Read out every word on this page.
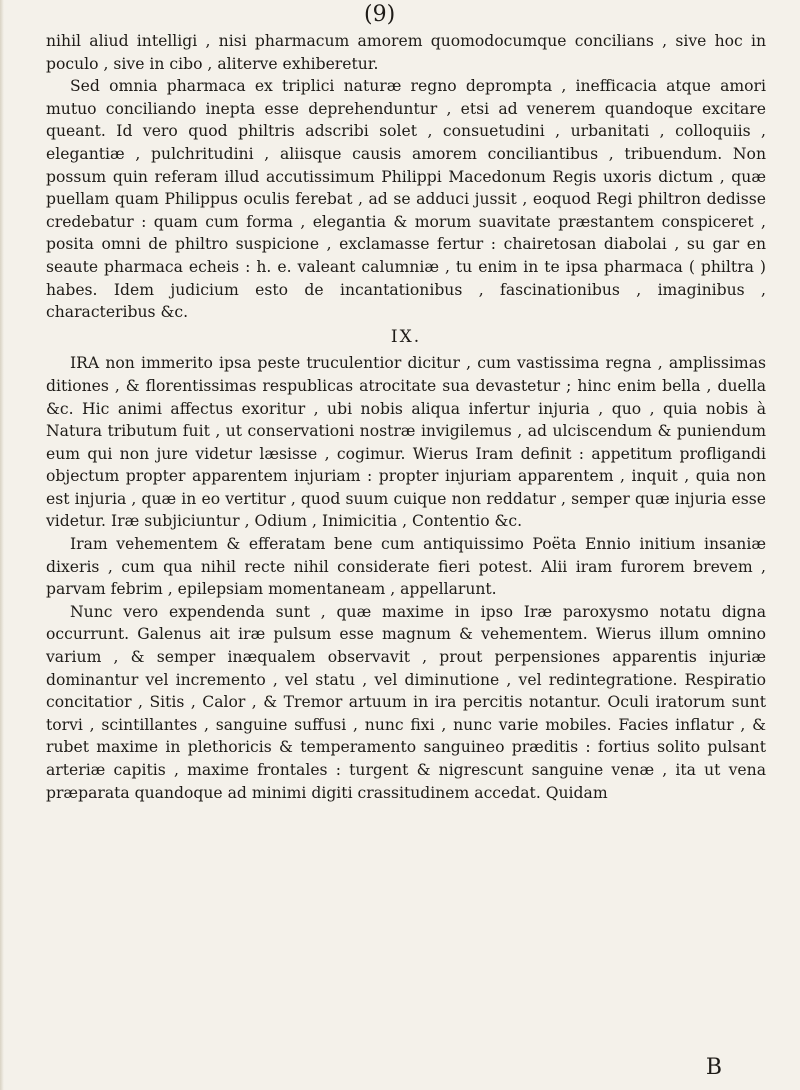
(9)

nihil aliud intelligi , nisi pharmacum amorem quomodocumque concilians , sive hoc in poculo , sive in cibo , aliterve exhiberetur.

Sed omnia pharmaca ex triplici naturæ regno deprompta , inefficacia atque amori mutuo conciliando inepta esse deprehenduntur , etsi ad venerem quandoque excitare queant. Id vero quod philtris adscribi solet , consuetudini , urbanitati , colloquiis , elegantiæ , pulchritudini , aliisque causis amorem conciliantibus , tribuendum. Non possum quin referam illud accutissimum Philippi Macedonum Regis uxoris dictum , quæ puellam quam Philippus oculis ferebat , ad se adduci jussit , eoquod Regi philtron dedisse credebatur : quam cum forma , elegantia & morum suavitate præstantem conspiceret , posita omni de philtro suspicione , exclamasse fertur : chairetosan diabolai , su gar en seaute pharmaca echeis : h. e. valeant calumniæ , tu enim in te ipsa pharmaca ( philtra ) habes. Idem judicium esto de incantationibus , fascinationibus , imaginibus , characteribus &c.

IX.

IRA non immerito ipsa peste truculentior dicitur , cum vastissima regna , amplissimas ditiones , & florentissimas respublicas atrocitate sua devastetur ; hinc enim bella , duella &c. Hic animi affectus exoritur , ubi nobis aliqua infertur injuria , quo , quia nobis à Natura tributum fuit , ut conservationi nostræ invigilemus , ad ulciscendum & puniendum eum qui non jure videtur læsisse , cogimur. Wierus Iram definit : appetitum profligandi objectum propter apparentem injuriam : propter injuriam apparentem , inquit , quia non est injuria , quæ in eo vertitur , quod suum cuique non reddatur , semper quæ injuria esse videtur. Iræ subjiciuntur , Odium , Inimicitia , Contentio &c.

Iram vehementem & efferatam bene cum antiquissimo Poëta Ennio initium insaniæ dixeris , cum qua nihil recte nihil considerate fieri potest. Alii iram furorem brevem , parvam febrim , epilepsiam momentaneam , appellarunt.

Nunc vero expendenda sunt , quæ maxime in ipso Iræ paroxysmo notatu digna occurrunt. Galenus ait iræ pulsum esse magnum & vehementem. Wierus illum omnino varium , & semper inæqualem observavit , prout perpensiones apparentis injuriæ dominantur vel incremento , vel statu , vel diminutione , vel redintegratione. Respiratio concitatior , Sitis , Calor , & Tremor artuum in ira percitis notantur. Oculi iratorum sunt torvi , scintillantes , sanguine suffusi , nunc fixi , nunc varie mobiles. Facies inflatur , & rubet maxime in plethoricis & temperamento sanguineo præditis : fortius solito pulsant arteriæ capitis , maxime frontales : turgent & nigrescunt sanguine venæ , ita ut vena præparata quandoque ad minimi digiti crassitudinem accedat. Quidam

B
